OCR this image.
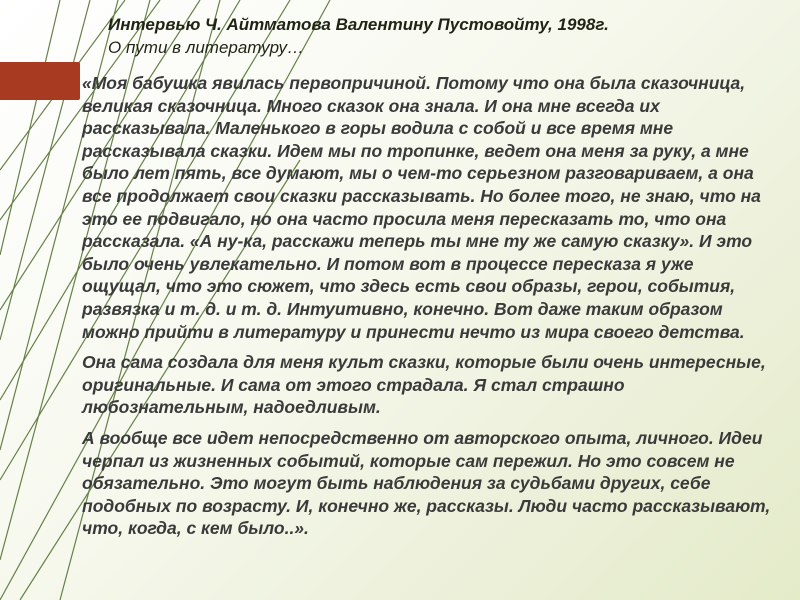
Интервью Ч. Айтматова Валентину Пустовойту, 1998г.
О пути в литературу…

«Моя бабушка явилась первопричиной. Потому что она была сказочница, великая сказочница. Много сказок она знала. И она мне всегда их рассказывала. Маленького в горы водила с собой и все время мне рассказывала сказки. Идем мы по тропинке, ведет она меня за руку, а мне было лет пять, все думают, мы о чем-то серьезном разговариваем, а она все продолжает свои сказки рассказывать. Но более того, не знаю, что на это ее подвигало, но она часто просила меня пересказать то, что она рассказала. «А ну-ка, расскажи теперь ты мне ту же самую сказку». И это было очень увлекательно. И потом вот в процессе пересказа я уже ощущал, что это сюжет, что здесь есть свои образы, герои, события, развязка и т. д. и т. д. Интуитивно, конечно. Вот даже таким образом можно прийти в литературу и принести нечто из мира своего детства.

Она сама создала для меня культ сказки, которые были очень интересные, оригинальные. И сама от этого страдала. Я стал страшно любознательным, надоедливым.

А вообще все идет непосредственно от авторского опыта, личного. Идеи черпал из жизненных событий, которые сам пережил. Но это совсем не обязательно. Это могут быть наблюдения за судьбами других, себе подобных по возрасту. И, конечно же, рассказы. Люди часто рассказывают, что, когда, с кем было..».
